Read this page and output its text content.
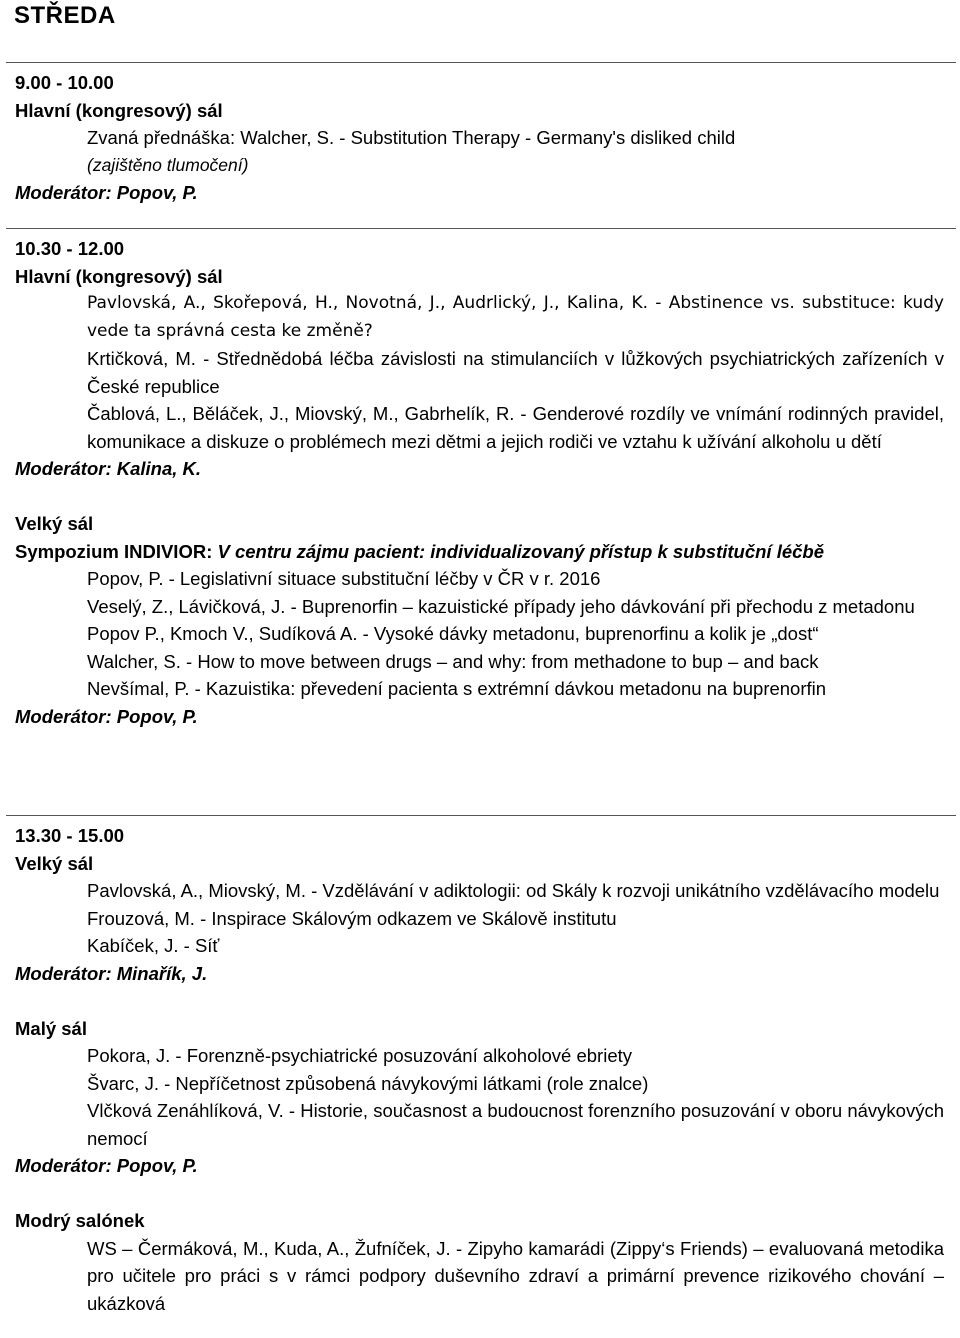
STŘEDA
9.00 - 10.00
Hlavní (kongresový) sál
Zvaná přednáška: Walcher, S. - Substitution Therapy - Germany's disliked child
(zajištěno tlumočení)
Moderátor: Popov, P.
10.30 - 12.00
Hlavní (kongresový) sál
Pavlovská, A., Skořepová, H., Novotná, J., Audrlický, J., Kalina, K. - Abstinence vs. substituce: kudy vede ta správná cesta ke změně?
Krtičková, M. - Střednědobá léčba závislosti na stimulanciích v lůžkových psychiatrických zařízeních v České republice
Čablová, L., Běláček, J., Miovský, M., Gabrhelík, R. - Genderové rozdíly ve vnímání rodinných pravidel, komunikace a diskuze o problémech mezi dětmi a jejich rodiči ve vztahu k užívání alkoholu u dětí
Moderátor: Kalina, K.
Velký sál
Sympozium INDIVIOR: V centru zájmu pacient: individualizovaný přístup k substituční léčbě
Popov, P. - Legislativní situace substituční léčby v ČR v r. 2016
Veselý, Z., Lávičková, J. - Buprenorfin – kazuistické případy jeho dávkování při přechodu z metadonu
Popov P., Kmoch V., Sudíková A. - Vysoké dávky metadonu, buprenorfinu a kolik je „dost“
Walcher, S. - How to move between drugs – and why: from methadone to bup – and back
Nevšímal, P. - Kazuistika: převedení pacienta s extrémní dávkou metadonu na buprenorfin
Moderátor: Popov, P.
13.30 - 15.00
Velký sál
Pavlovská, A., Miovský, M. - Vzdělávání v adiktologii: od Skály k rozvoji unikátního vzdělávacího modelu
Frouzová, M. - Inspirace Skálovým odkazem ve Skálově institutu
Kabíček, J. - Síť
Moderátor: Minařík, J.
Malý sál
Pokora, J. - Forenzně-psychiatrické posuzování alkoholové ebriety
Švarc, J. - Nepříčetnost způsobená návykovými látkami (role znalce)
Vlčková Zenáhlíková, V. - Historie, současnost a budoucnost forenzního posuzování v oboru návykových nemocí
Moderátor: Popov, P.
Modrý salónek
WS – Čermáková, M., Kuda, A., Žufníček, J. - Zipyho kamarádi (Zippy‘s Friends) – evaluovaná metodika pro učitele pro práci s v rámci podpory duševního zdraví a primární prevence rizikového chování – ukázková
